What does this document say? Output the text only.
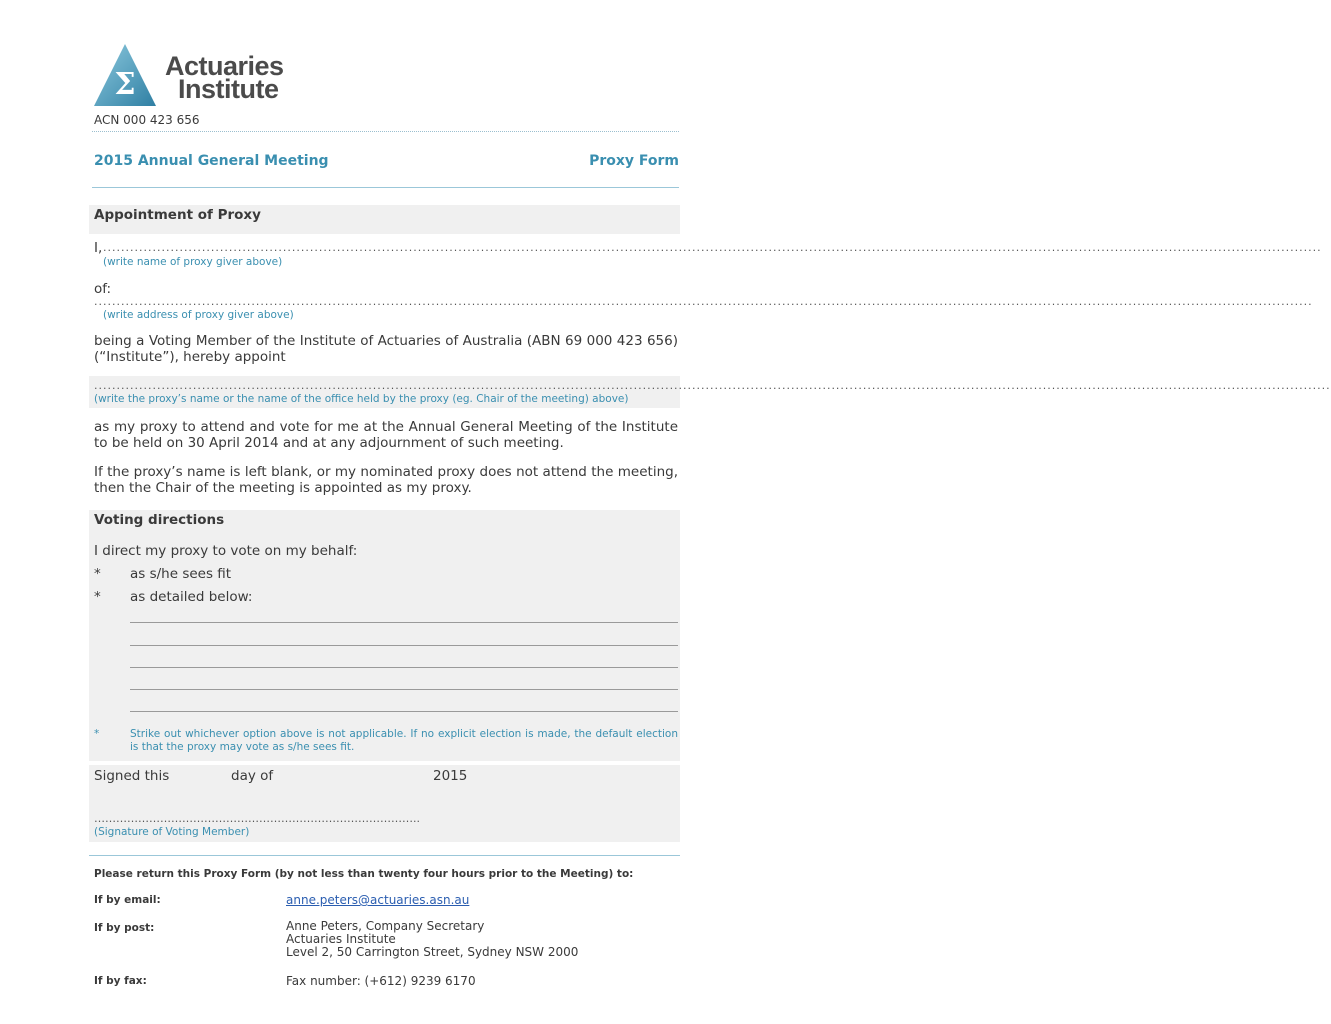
Σ
Actuaries
Institute
ACN 000 423 656
2015 Annual General Meeting	Proxy Form
Appointment of Proxy
I, ...............................................................................................................................................................................................................................................................................
(write name of proxy giver above)
of:
...............................................................................................................................................................................................................................................................................
(write address of proxy giver above)
being a Voting Member of the Institute of Actuaries of Australia (ABN 69 000 423 656) (“Institute”), hereby appoint
...................................................................................................................................................................................................................................................................................
(write the proxy’s name or the name of the office held by the proxy (eg. Chair of the meeting) above)
as my proxy to attend and vote for me at the Annual General Meeting of the Institute to be held on 30 April 2014 and at any adjournment of such meeting.
If the proxy’s name is left blank, or my nominated proxy does not attend the meeting, then the Chair of the meeting is appointed as my proxy.
Voting directions
I direct my proxy to vote on my behalf:
* as s/he sees fit
* as detailed below:
*	Strike out whichever option above is not applicable. If no explicit election is made, the default election is that the proxy may vote as s/he sees fit.
Signed this	day of	2015
……………………………………………………………………………..
(Signature of Voting Member)
Please return this Proxy Form (by not less than twenty four hours prior to the Meeting) to:
If by email:	anne.peters@actuaries.asn.au
If by post:	Anne Peters, Company Secretary
Actuaries Institute
Level 2, 50 Carrington Street, Sydney NSW 2000
If by fax:	Fax number: (+612) 9239 6170
